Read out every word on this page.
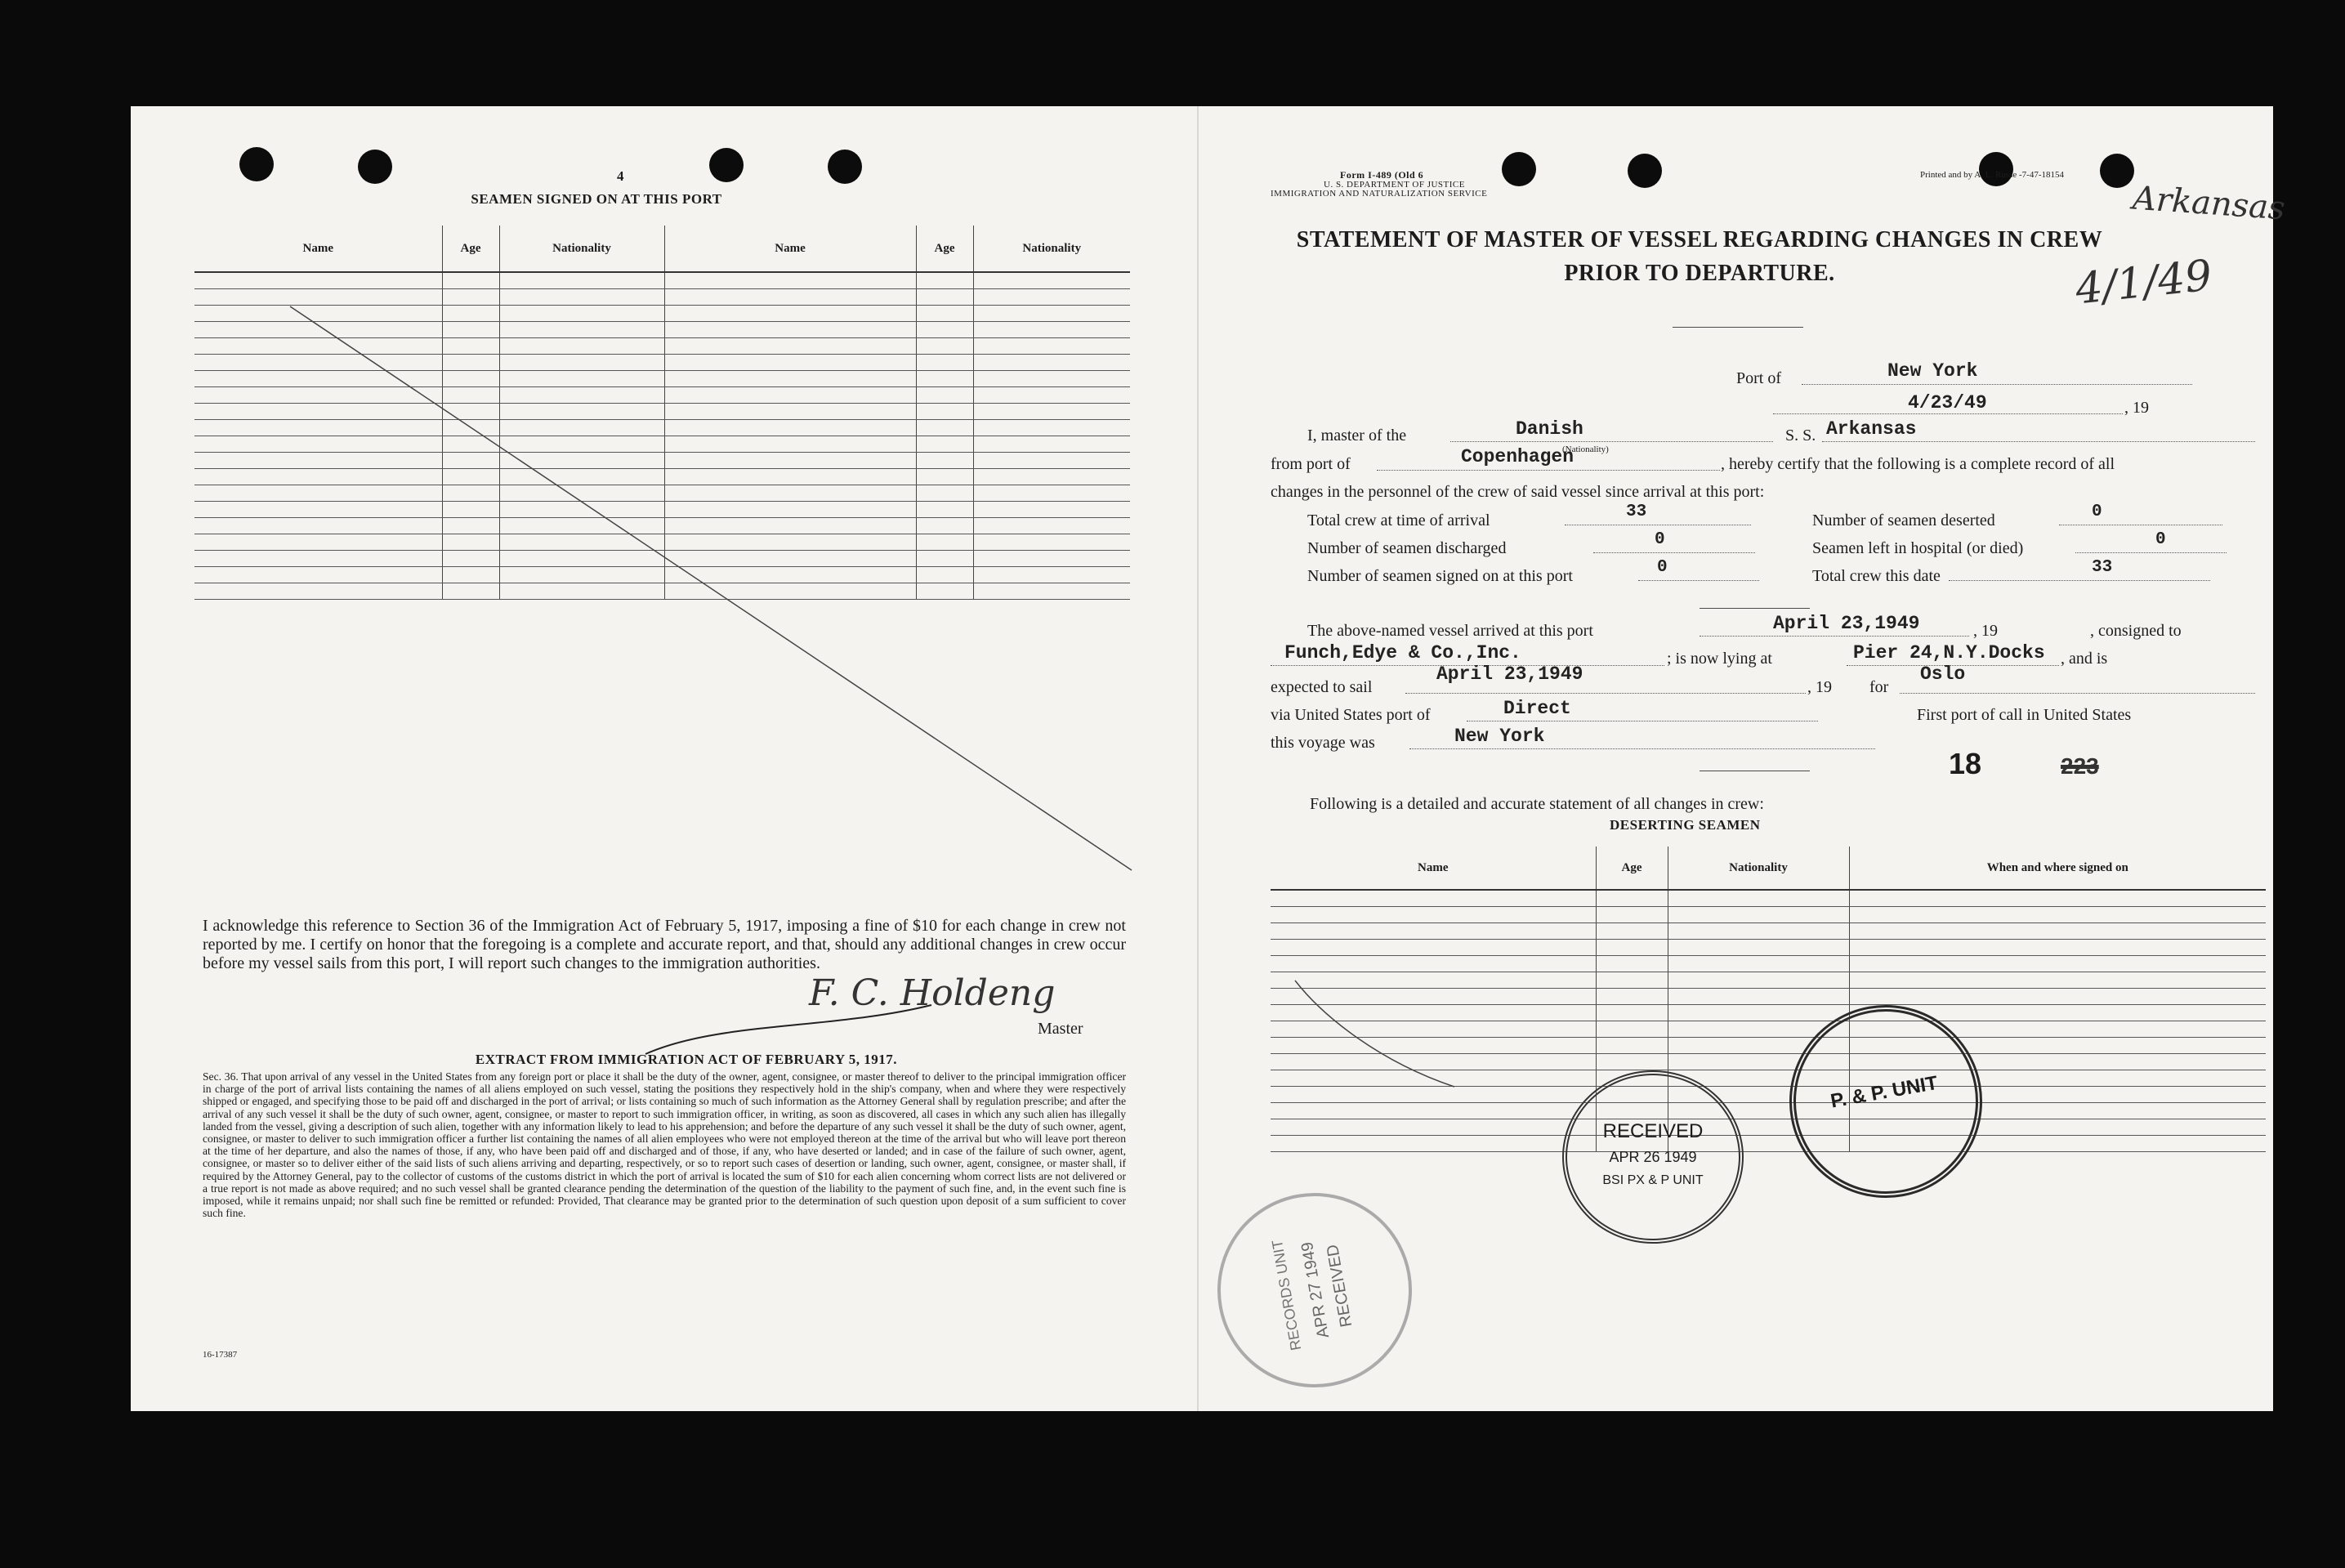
4
SEAMEN SIGNED ON AT THIS PORT
Name	Age	Nationality	Name	Age	Nationality

I acknowledge this reference to Section 36 of the Immigration Act of February 5, 1917, imposing a fine of $10 for each change in crew not reported by me. I certify on honor that the foregoing is a complete and accurate report, and that, should any additional changes in crew occur before my vessel sails from this port, I will report such changes to the immigration authorities.
F. C. Holdeng
Master
EXTRACT FROM IMMIGRATION ACT OF FEBRUARY 5, 1917.
Sec. 36. That upon arrival of any vessel in the United States from any foreign port or place it shall be the duty of the owner, agent, consignee, or master thereof to deliver to the principal immigration officer in charge of the port of arrival lists containing the names of all aliens employed on such vessel, stating the positions they respectively hold in the ship's company, when and where they were respectively shipped or engaged, and specifying those to be paid off and discharged in the port of arrival; or lists containing so much of such information as the Attorney General shall by regulation prescribe; and after the arrival of any such vessel it shall be the duty of such owner, agent, consignee, or master to report to such immigration officer, in writing, as soon as discovered, all cases in which any such alien has illegally landed from the vessel, giving a description of such alien, together with any information likely to lead to his apprehension; and before the departure of any such vessel it shall be the duty of such owner, agent, consignee, or master to deliver to such immigration officer a further list containing the names of all alien employees who were not employed thereon at the time of the arrival but who will leave port thereon at the time of her departure, and also the names of those, if any, who have been paid off and discharged and of those, if any, who have deserted or landed; and in case of the failure of such owner, agent, consignee, or master so to deliver either of the said lists of such aliens arriving and departing, respectively, or so to report such cases of desertion or landing, such owner, agent, consignee, or master shall, if required by the Attorney General, pay to the collector of customs of the customs district in which the port of arrival is located the sum of $10 for each alien concerning whom correct lists are not delivered or a true report is not made as above required; and no such vessel shall be granted clearance pending the determination of the question of the liability to the payment of such fine, and, in the event such fine is imposed, while it remains unpaid; nor shall such fine be remitted or refunded: Provided, That clearance may be granted prior to the determination of such question upon deposit of a sum sufficient to cover such fine.
16-17387
Form I-489 (Old 6
U. S. DEPARTMENT OF JUSTICE
IMMIGRATION AND NATURALIZATION SERVICE
Printed and by A. L. Russe -7-47-18154
Arkansas
4/1/49
STATEMENT OF MASTER OF VESSEL REGARDING CHANGES IN CREW
PRIOR TO DEPARTURE.
Port of	New York
4/23/49	, 19
I, master of the	Danish
(Nationality)
S. S. Arkansas
from port of	Copenhagen	, hereby certify that the following is a complete record of all
changes in the personnel of the crew of said vessel since arrival at this port:
Total crew at time of arrival	33	Number of seamen deserted	0
Number of seamen discharged	0	Seamen left in hospital (or died)	0
Number of seamen signed on at this port	0	Total crew this date	33
The above-named vessel arrived at this port	April 23,1949	, 19	, consigned to
Funch,Edye & Co.,Inc.	; is now lying at	Pier 24,N.Y.Docks , and is
expected to sail
April 23,1949
, 19 for
Oslo
via United States port of	Direct	First port of call in United States
this voyage was	New York
18	223
Following is a detailed and accurate statement of all changes in crew:
DESERTING SEAMEN
Name	Age	Nationality	When and where signed on

RECEIVED
APR 26 1949
BSI PX & P UNIT
P. & P. UNIT
RECORDS UNIT
APR 27 1949
RECEIVED
